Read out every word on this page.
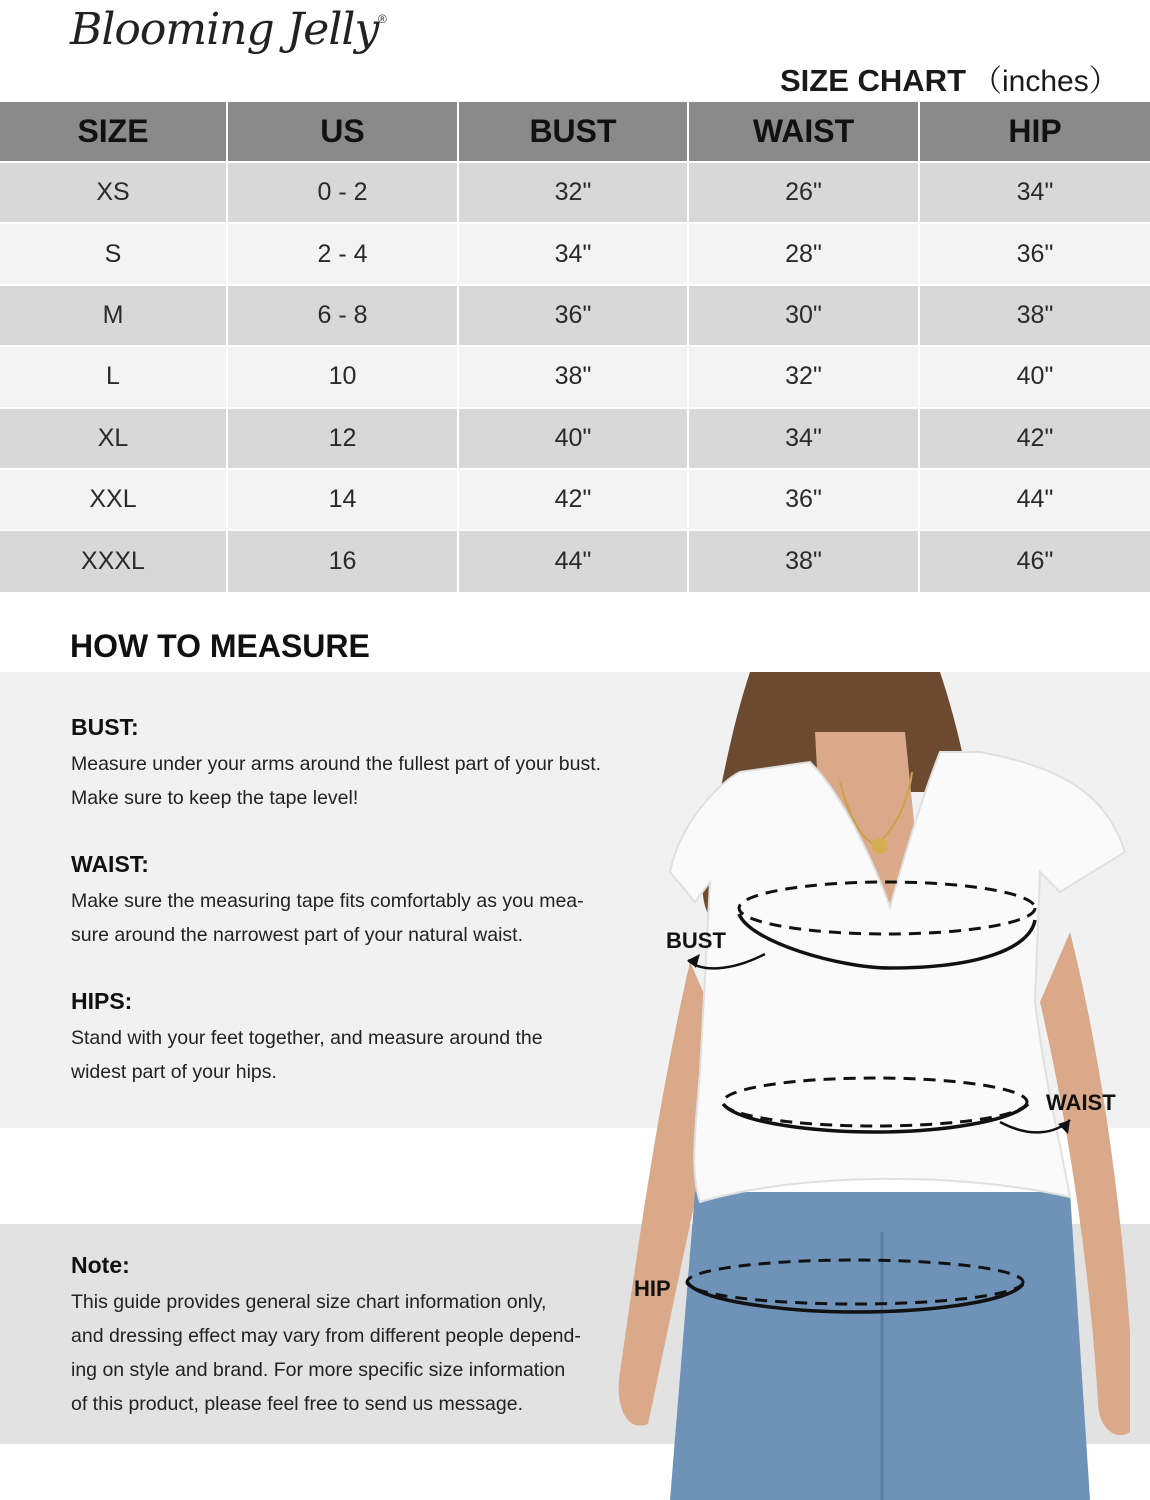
Blooming Jelly ®
SIZE CHART （inches）
SIZE	US	BUST	WAIST	HIP
XS	0 - 2	32"	26"	34"
S	2 - 4	34"	28"	36"
M	6 - 8	36"	30"	38"
L	10	38"	32"	40"
XL	12	40"	34"	42"
XXL	14	42"	36"	44"
XXXL	16	44"	38"	46"
HOW TO MEASURE
BUST
WAIST
HIP
BUST:

Measure under your arms around the fullest part of your bust.

Make sure to keep the tape level!

WAIST:

Make sure the measuring tape fits comfortably as you mea-

sure around the narrowest part of your natural waist.

HIPS:

Stand with your feet together, and measure around the

widest part of your hips.

Note:

This guide provides general size chart information only,

and dressing effect may vary from different people depend-

ing on style and brand. For more specific size information

of this product, please feel free to send us message.
